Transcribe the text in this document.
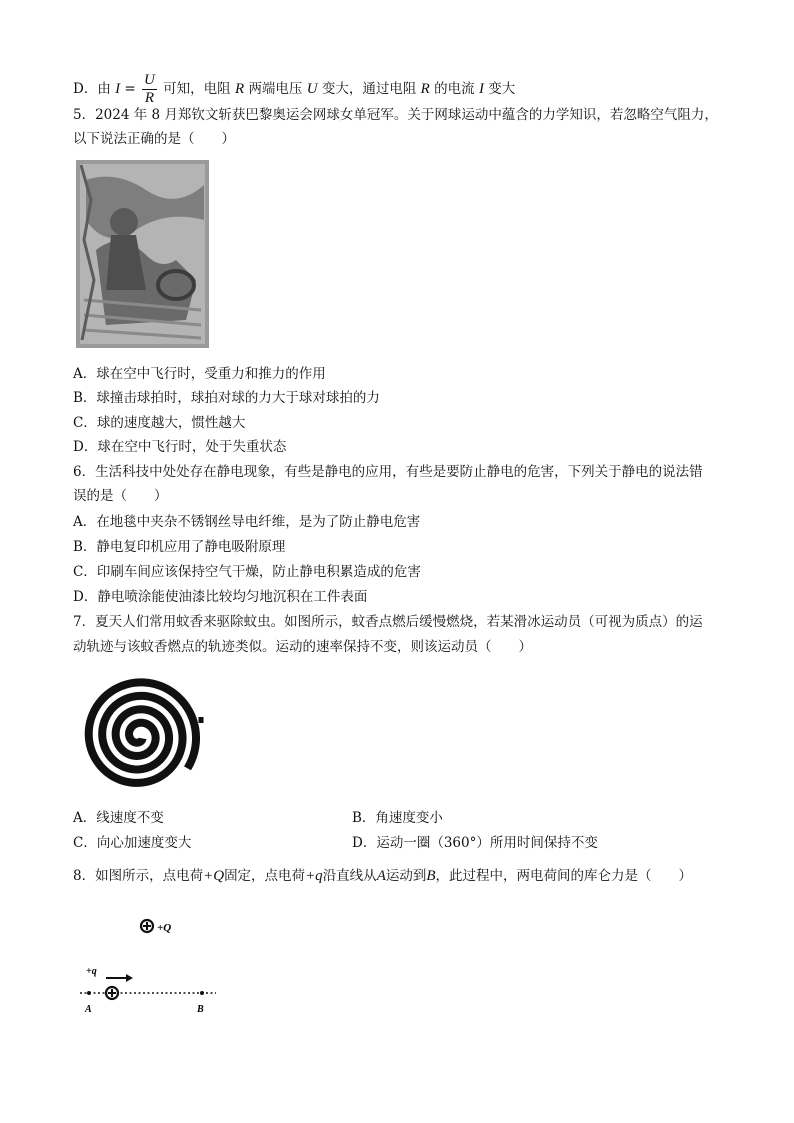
D．由 $I = \frac{U}{R}$ 可知，电阻 R 两端电压 U 变大，通过电阻 R 的电流 I 变大
5．2024 年 8 月郑钦文斩获巴黎奥运会网球女单冠军。关于网球运动中蕴含的力学知识，若忽略空气阻力，
以下说法正确的是（　　）
A．球在空中飞行时，受重力和推力的作用
B．球撞击球拍时，球拍对球的力大于球对球拍的力
C．球的速度越大，惯性越大
D．球在空中飞行时，处于失重状态
6．生活科技中处处存在静电现象，有些是静电的应用，有些是要防止静电的危害，下列关于静电的说法错
误的是（　　）
A．在地毯中夹杂不锈钢丝导电纤维，是为了防止静电危害
B．静电复印机应用了静电吸附原理
C．印刷车间应该保持空气干燥，防止静电积累造成的危害
D．静电喷涂能使油漆比较均匀地沉积在工件表面
7．夏天人们常用蚊香来驱除蚊虫。如图所示，蚊香点燃后缓慢燃烧，若某滑冰运动员（可视为质点）的运
动轨迹与该蚊香燃点的轨迹类似。运动的速率保持不变，则该运动员（　　）
A．线速度不变	B．角速度变小
C．向心加速度变大	D．运动一圈（360°）所用时间保持不变
8．如图所示，点电荷+Q固定，点电荷+q沿直线从A运动到B，此过程中，两电荷间的库仑力是（　　）
+Q
+q
A	B
